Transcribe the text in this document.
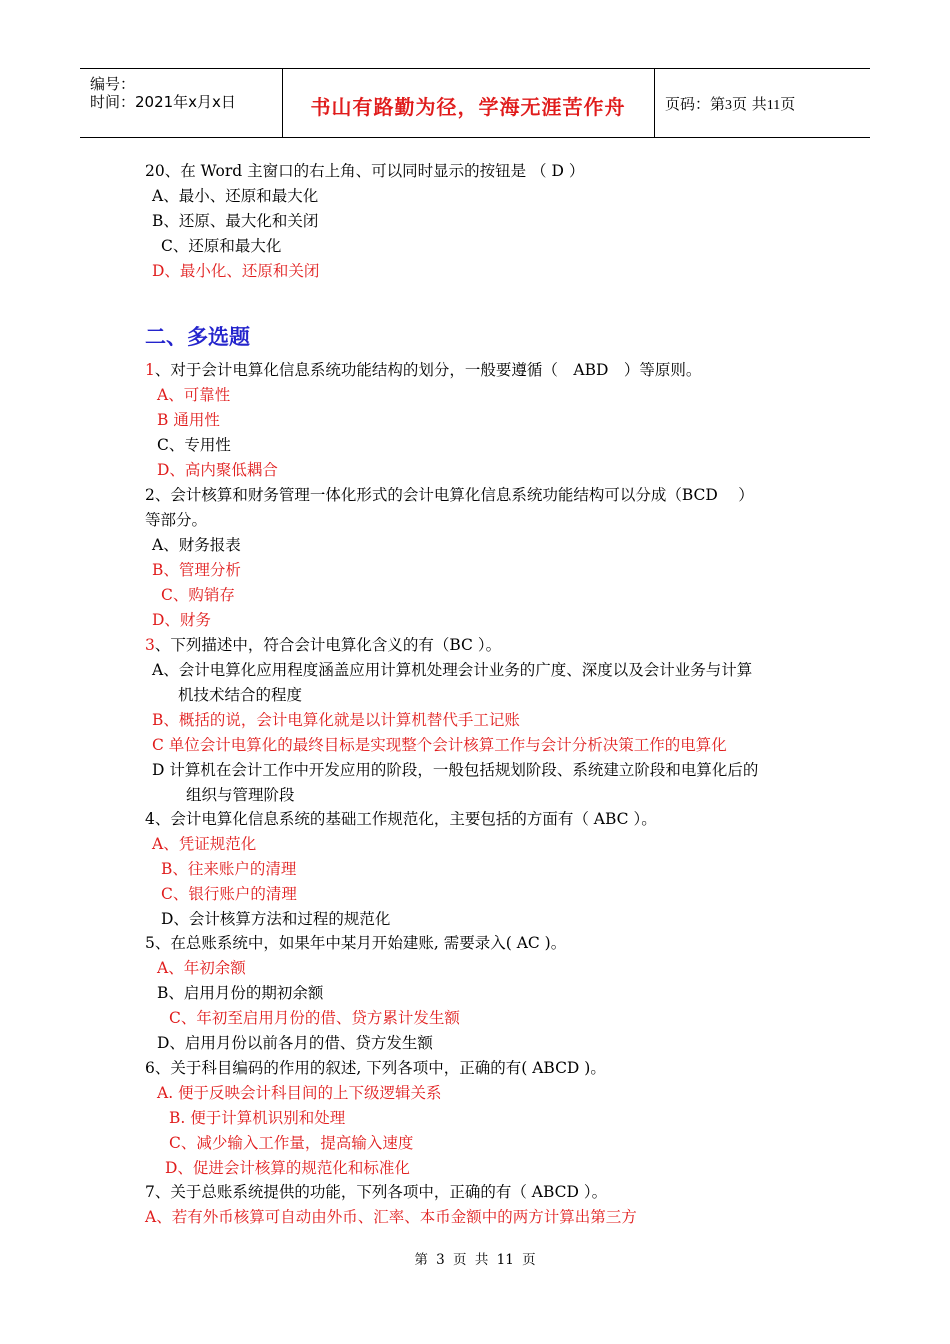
编号：
时间：2021年x月x日	书山有路勤为径，学海无涯苦作舟	页码：第3页 共11页
20、在 Word 主窗口的右上角、可以同时显示的按钮是 （ D ）
A、最小、还原和最大化
B、还原、最大化和关闭
C、还原和最大化
D、最小化、还原和关闭
二、多选题
1、对于会计电算化信息系统功能结构的划分，一般要遵循（　ABD　）等原则。
A、可靠性
B 通用性
C、专用性
D、高内聚低耦合
2、会计核算和财务管理一体化形式的会计电算化信息系统功能结构可以分成（BCD　 ）
等部分。
A、财务报表
B、管理分析
C、购销存
D、财务
3、下列描述中，符合会计电算化含义的有（BC ）。
A、会计电算化应用程度涵盖应用计算机处理会计业务的广度、深度以及会计业务与计算
机技术结合的程度
B、概括的说，会计电算化就是以计算机替代手工记账
C 单位会计电算化的最终目标是实现整个会计核算工作与会计分析决策工作的电算化
D 计算机在会计工作中开发应用的阶段，一般包括规划阶段、系统建立阶段和电算化后的
组织与管理阶段
4、会计电算化信息系统的基础工作规范化，主要包括的方面有（ ABC ）。
A、凭证规范化
B、往来账户的清理
C、银行账户的清理
D、会计核算方法和过程的规范化
5、在总账系统中，如果年中某月开始建账, 需要录入( AC )。
A、年初余额
B、启用月份的期初余额
C、年初至启用月份的借、贷方累计发生额
D、启用月份以前各月的借、贷方发生额
6、关于科目编码的作用的叙述, 下列各项中，正确的有( ABCD )。
A. 便于反映会计科目间的上下级逻辑关系
B. 便于计算机识别和处理
C、减少输入工作量，提高输入速度
D、促进会计核算的规范化和标准化
7、关于总账系统提供的功能，下列各项中，正确的有（ ABCD ）。
A、若有外币核算可自动由外币、汇率、本币金额中的两方计算出第三方
第 3 页 共 11 页
